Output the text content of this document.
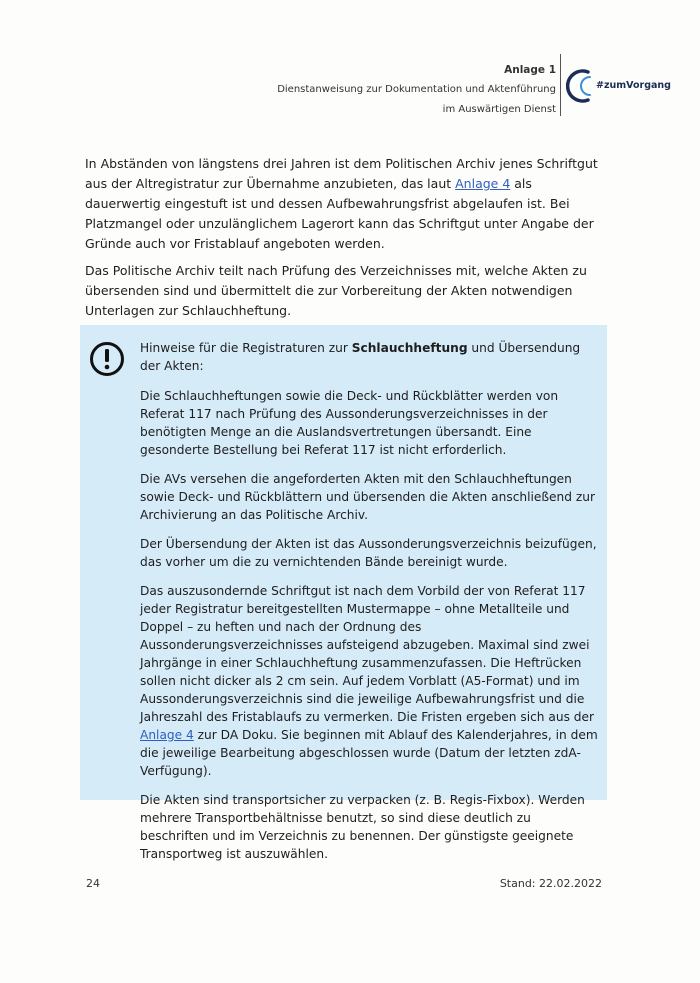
Anlage 1
Dienstanweisung zur Dokumentation und Aktenführung
im Auswärtigen Dienst
#zumVorgang

In Abständen von längstens drei Jahren ist dem Politischen Archiv jenes Schriftgut aus der Altregistratur zur Übernahme anzubieten, das laut Anlage 4 als dauerwertig eingestuft ist und dessen Aufbewahrungsfrist abgelaufen ist. Bei Platzmangel oder unzulänglichem Lagerort kann das Schriftgut unter Angabe der Gründe auch vor Fristablauf angeboten werden.

Das Politische Archiv teilt nach Prüfung des Verzeichnisses mit, welche Akten zu übersenden sind und übermittelt die zur Vorbereitung der Akten notwendigen Unterlagen zur Schlauchheftung.

Hinweise für die Registraturen zur Schlauchheftung und Übersendung der Akten:

Die Schlauchheftungen sowie die Deck- und Rückblätter werden von Referat 117 nach Prüfung des Aussonderungsverzeichnisses in der benötigten Menge an die Auslandsvertretungen übersandt. Eine gesonderte Bestellung bei Referat 117 ist nicht erforderlich.

Die AVs versehen die angeforderten Akten mit den Schlauchheftungen sowie Deck- und Rückblättern und übersenden die Akten anschließend zur Archivierung an das Politische Archiv.

Der Übersendung der Akten ist das Aussonderungsverzeichnis beizufügen, das vorher um die zu vernichtenden Bände bereinigt wurde.

Das auszusondernde Schriftgut ist nach dem Vorbild der von Referat 117 jeder Registratur bereitgestellten Mustermappe – ohne Metallteile und Doppel – zu heften und nach der Ordnung des Aussonderungsverzeichnisses aufsteigend abzugeben. Maximal sind zwei Jahrgänge in einer Schlauchheftung zusammenzufassen. Die Heftrücken sollen nicht dicker als 2 cm sein. Auf jedem Vorblatt (A5-Format) und im Aussonderungsverzeichnis sind die jeweilige Aufbewahrungsfrist und die Jahreszahl des Fristablaufs zu vermerken. Die Fristen ergeben sich aus der Anlage 4 zur DA Doku. Sie beginnen mit Ablauf des Kalenderjahres, in dem die jeweilige Bearbeitung abgeschlossen wurde (Datum der letzten zdA-Verfügung).

Die Akten sind transportsicher zu verpacken (z. B. Regis-Fixbox). Werden mehrere Transportbehältnisse benutzt, so sind diese deutlich zu beschriften und im Verzeichnis zu benennen. Der günstigste geeignete Transportweg ist auszuwählen.

24	Stand: 22.02.2022
